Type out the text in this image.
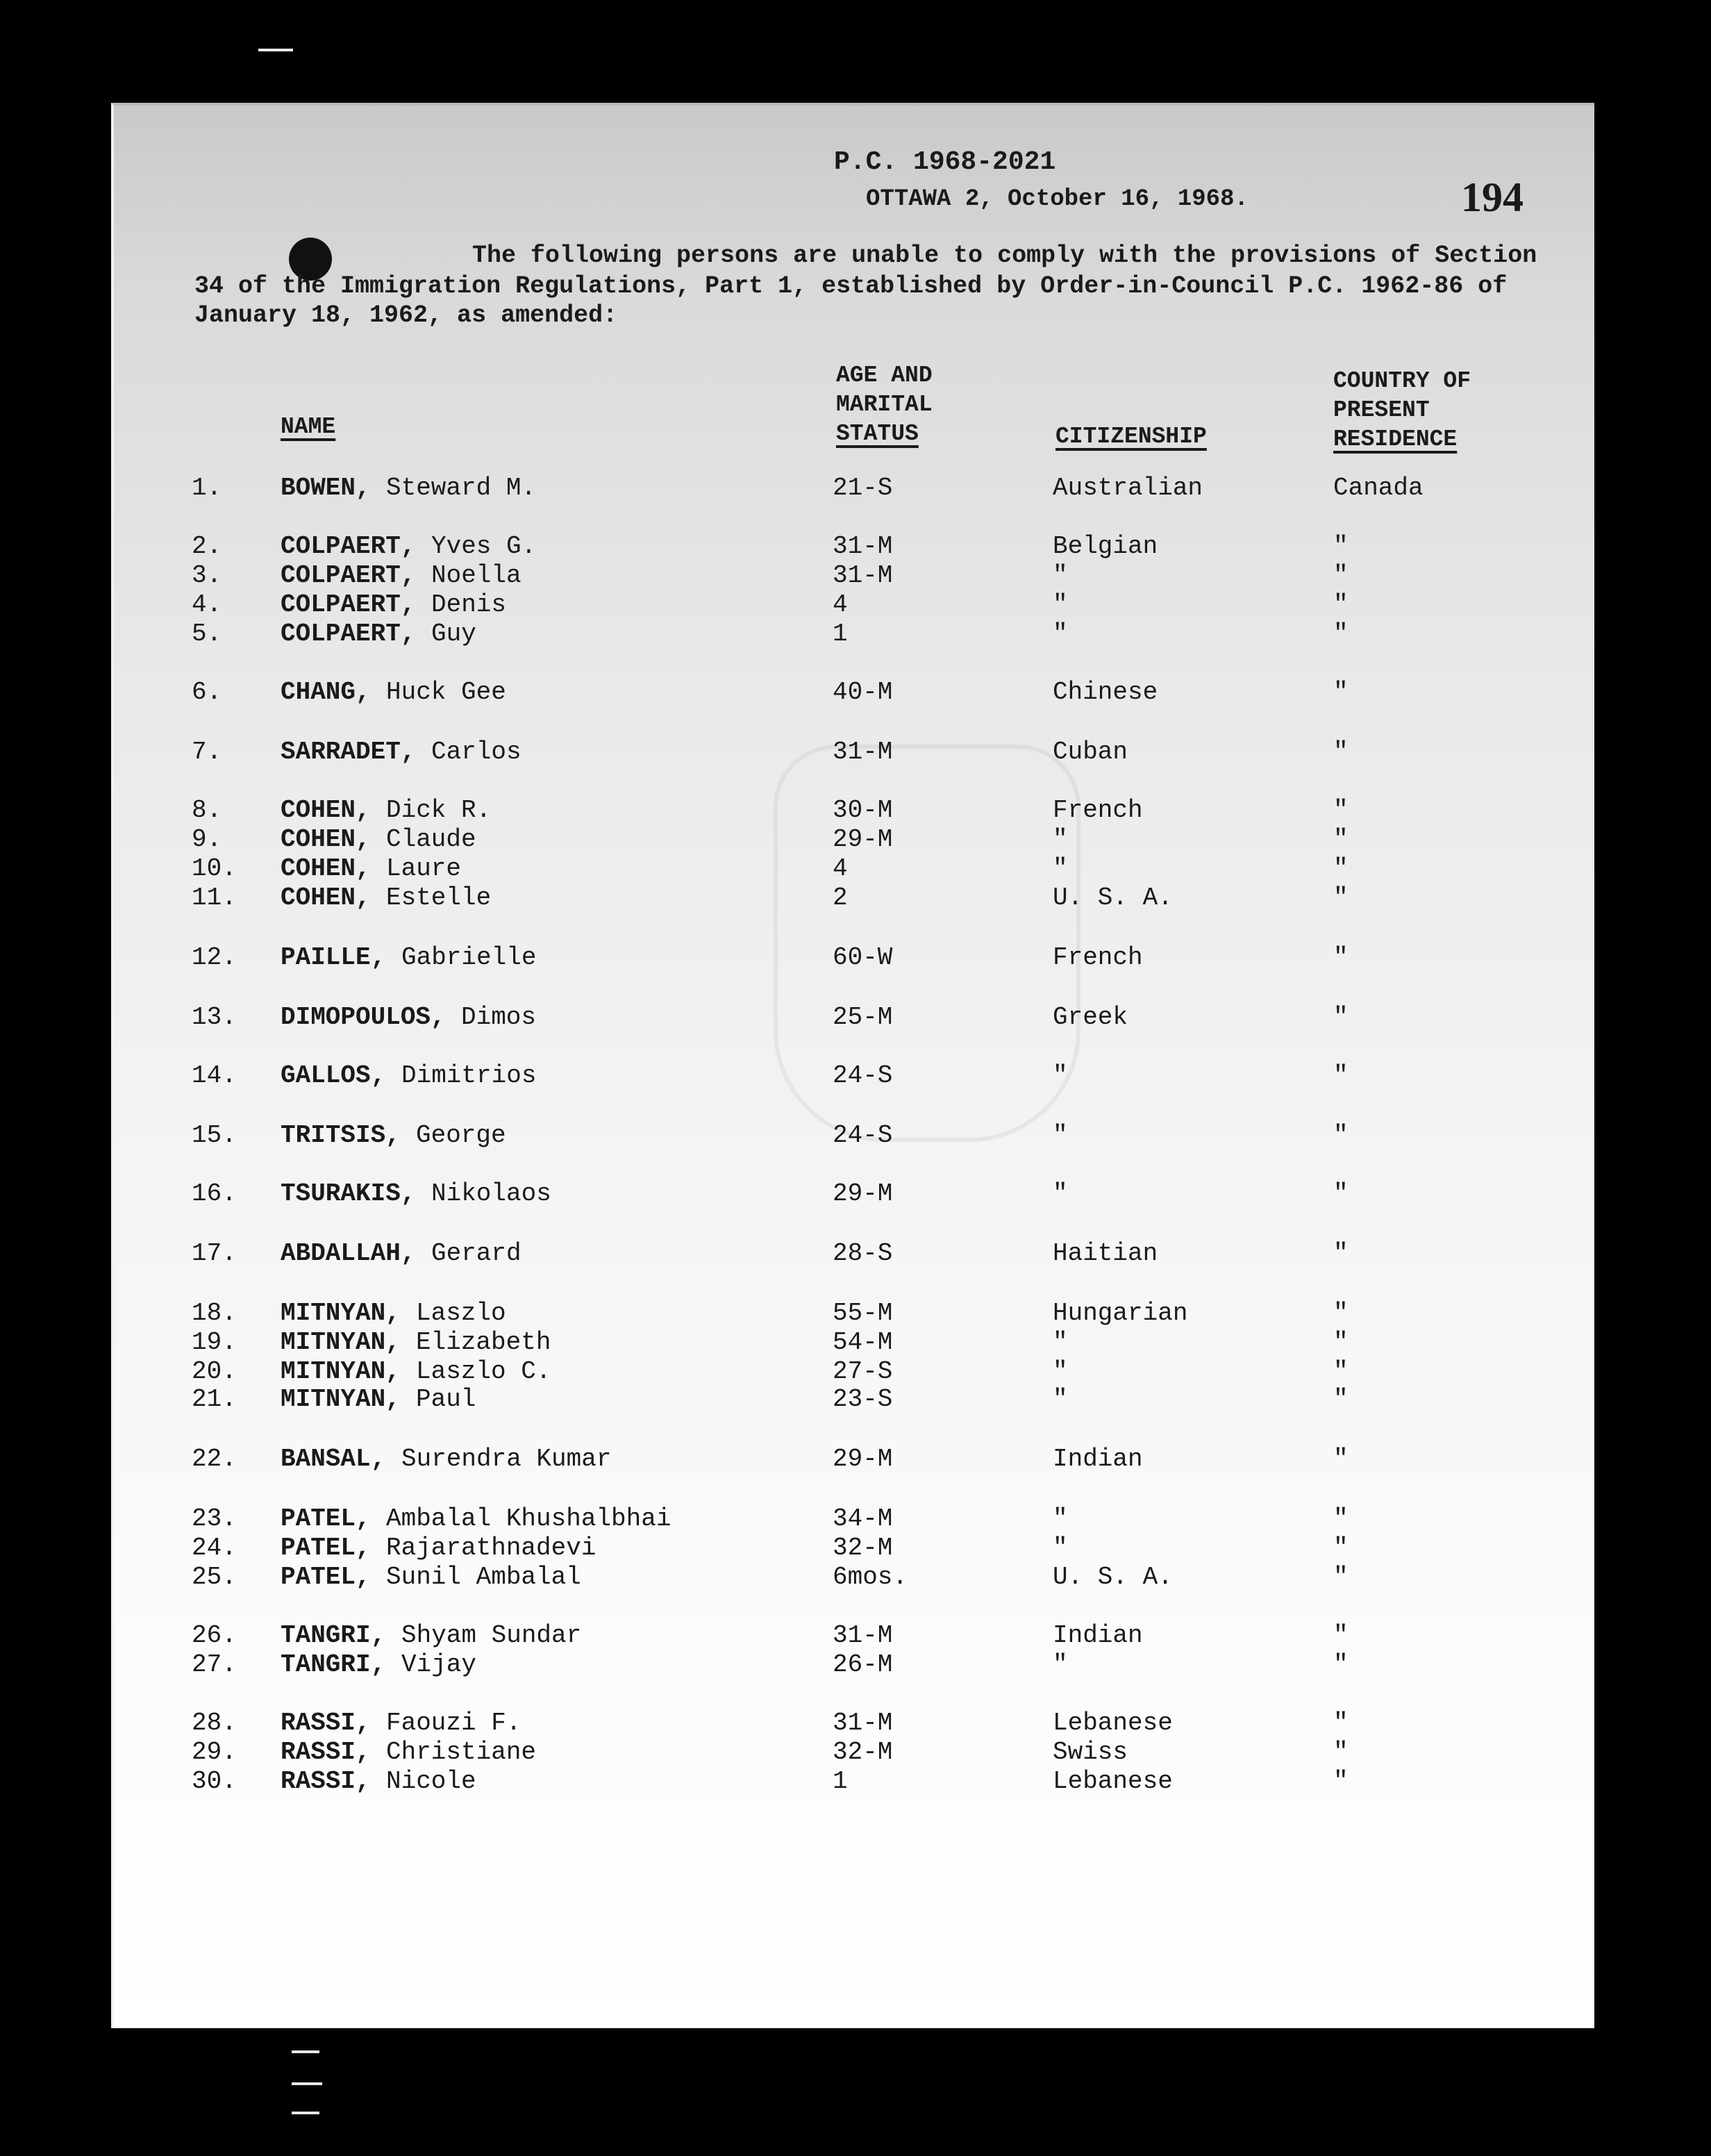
P.C. 1968-2021
OTTAWA 2, October 16, 1968.	194
The following persons are unable to comply with the provisions of Section
34 of the Immigration Regulations, Part 1, established by Order-in-Council P.C. 1962-86 of
January 18, 1962, as amended:
NAME
AGE AND
MARITAL
STATUS	CITIZENSHIP
COUNTRY OF
PRESENT
RESIDENCE
1. BOWEN Steward M.	21-S	Australian	Canada
,
2. COLPAERT Yves G.	31-M	Belgian	"
,
3. COLPAERT Noella	31-M	"	"
,
4. COLPAERT Denis	4	"	"
,
5. COLPAERT Guy	1	"	"
,
6. CHANG Huck Gee	40-M	Chinese	"
,
7. SARRADET Carlos	31-M	Cuban	"
,
8. COHEN Dick R.	30-M	French	"
,
9. COHEN Claude	29-M	"	"
,
10. COHEN Laure	4	"	"
,
11. COHEN Estelle	2	U. S. A.	"
,
12. PAILLE Gabrielle	60-W	French	"
,
13. DIMOPOULOS Dimos	25-M	Greek	"
,
14. GALLOS Dimitrios	24-S	"	"
,
15. TRITSIS George	24-S	"	"
,
16. TSURAKIS Nikolaos	29-M	"	"
,
17. ABDALLAH Gerard	28-S	Haitian	"
,
18. MITNYAN Laszlo	55-M	Hungarian	"
,
19. MITNYAN Elizabeth	54-M	"	"
,
20. MITNYAN Laszlo C.	27-S	"	"
,
21. MITNYAN Paul	23-S	"	"
,
22. BANSAL Surendra Kumar	29-M	Indian	"
,
23. PATEL Ambalal Khushalbhai	34-M	"	"
,
24. PATEL Rajarathnadevi	32-M	"	"
,
25. PATEL Sunil Ambalal	6mos.	U. S. A.	"
,
26. TANGRI Shyam Sundar	31-M	Indian	"
,
27. TANGRI Vijay	26-M	"	"
,
28. RASSI Faouzi F.	31-M	Lebanese	"
,
29. RASSI Christiane	32-M	Swiss	"
,
30. RASSI Nicole	1	Lebanese	"
,
